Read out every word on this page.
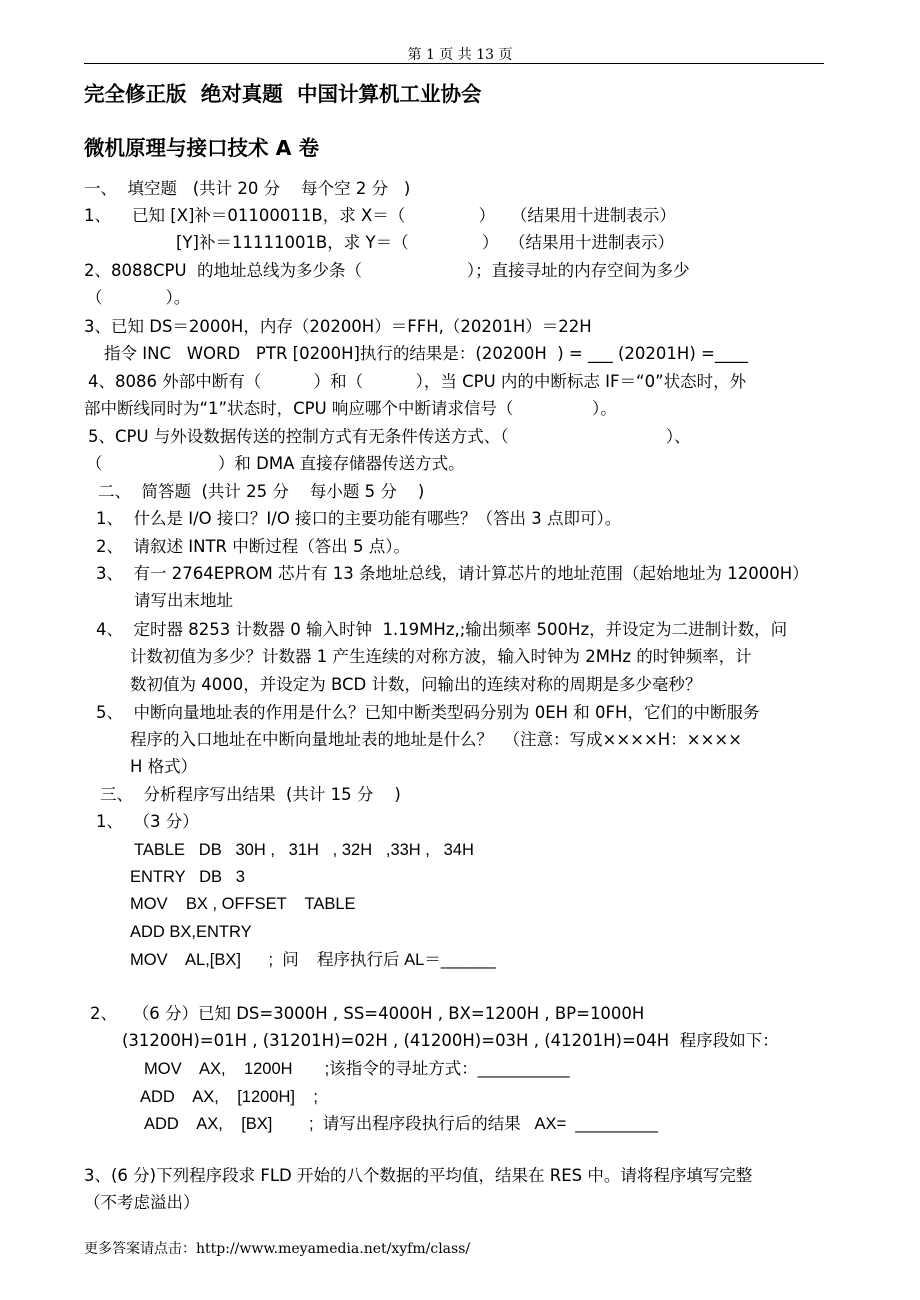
第 1 页 共 13 页
完全修正版  绝对真题  中国计算机工业协会
微机原理与接口技术 A 卷
一、  填空题   (共计 20 分    每个空 2 分   )
1、    已知 [X]补＝01100011B，求 X＝（              ）   （结果用十进制表示）
[Y]补＝11111001B，求 Y＝（              ）  （结果用十进制表示）
2、8088CPU  的地址总线为多少条（                    ）；直接寻址的内存空间为多少
（            ）。
3、已知 DS＝2000H，内存（20200H）＝FFH,（20201H）＝22H
指令 INC   WORD   PTR [0200H]执行的结果是：(20200H  ) = ___ (20201H) =____
4、8086 外部中断有（          ）和（          ），当 CPU 内的中断标志 IF＝“0”状态时，外
部中断线同时为“1”状态时，CPU 响应哪个中断请求信号（               ）。
5、CPU 与外设数据传送的控制方式有无条件传送方式、（                              ）、
（                      ）和 DMA 直接存储器传送方式。
二、  简答题  (共计 25 分    每小题 5 分    )
1、  什么是 I/O 接口？I/O 接口的主要功能有哪些？（答出 3 点即可）。
2、  请叙述 INTR 中断过程（答出 5 点）。
3、  有一 2764EPROM 芯片有 13 条地址总线，请计算芯片的地址范围（起始地址为 12000H）
请写出末地址
4、  定时器 8253 计数器 0 输入时钟  1.19MHz,;输出频率 500Hz，并设定为二进制计数，问
计数初值为多少？计数器 1 产生连续的对称方波，输入时钟为 2MHz 的时钟频率，计
数初值为 4000，并设定为 BCD 计数，问输出的连续对称的周期是多少毫秒？
5、  中断向量地址表的作用是什么？已知中断类型码分别为 0EH 和 0FH，它们的中断服务
程序的入口地址在中断向量地址表的地址是什么？  （注意：写成××××H：××××
H 格式）
三、  分析程序写出结果  (共计 15 分    )
1、  （3 分）
TABLE   DB   30H ,   31H   , 32H   ,33H ,   34H
ENTRY   DB   3
MOV    BX , OFFSET    TABLE
ADD BX,ENTRY
MOV    AL,[BX]      ;  问    程序执行后 AL＝______
2、   （6 分）已知 DS=3000H , SS=4000H , BX=1200H , BP=1000H
(31200H)=01H , (31201H)=02H , (41200H)=03H , (41201H)=04H  程序段如下：
MOV    AX,    1200H       ;该指令的寻址方式：__________
ADD    AX,    [1200H]    ;
ADD    AX,    [BX]        ;  请写出程序段执行后的结果   AX=  _________
3、(6 分)下列程序段求 FLD 开始的八个数据的平均值，结果在 RES 中。请将程序填写完整
（不考虑溢出）
更多答案请点击：http://www.meyamedia.net/xyfm/class/
